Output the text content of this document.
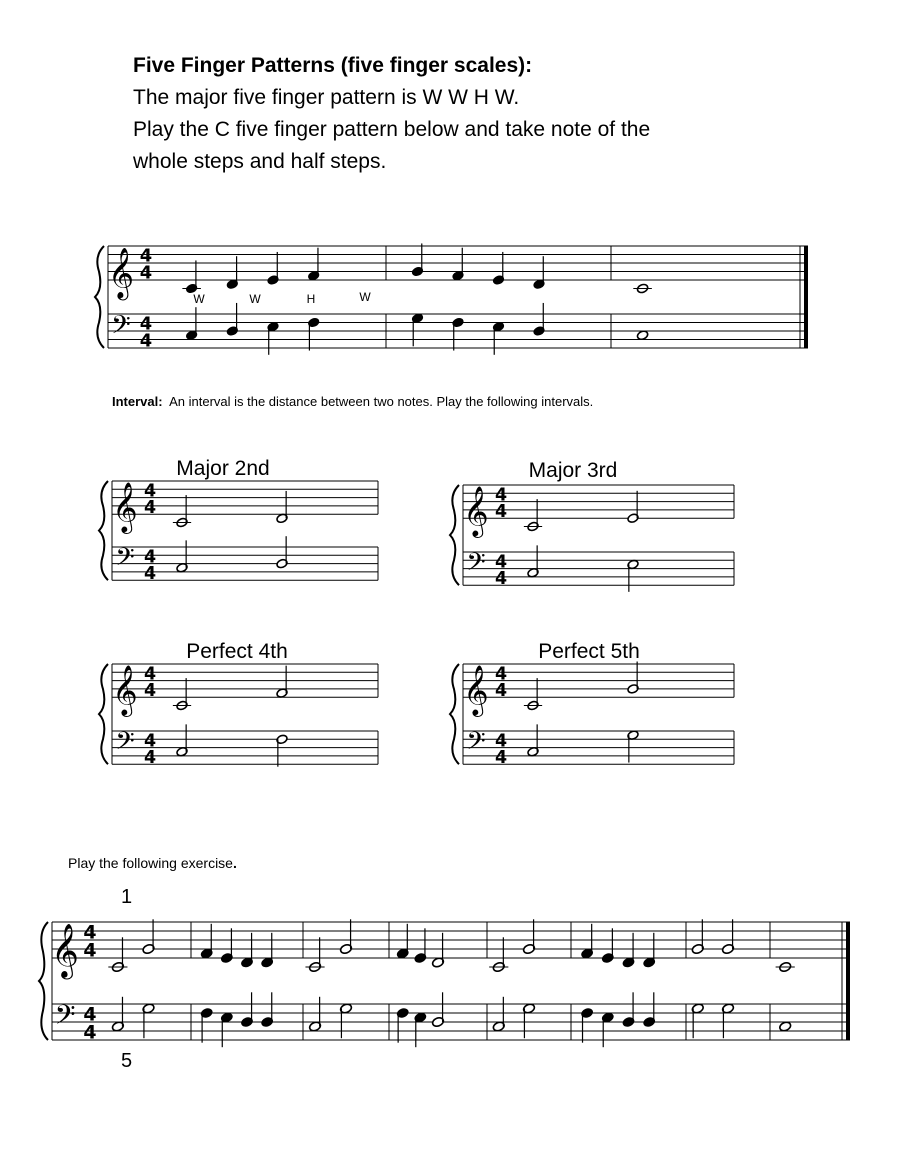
Five Finger Patterns (five finger scales):
The major five finger pattern is W W H W.
Play the C five finger pattern below and take note of the
whole steps and half steps.
Interval: An interval is the distance between two notes. Play the following intervals.
Major 2nd	Major 3rd
Perfect 4th	Perfect 5th
Play the following exercise.
1
5
W	W	H	W
𝄞
𝄢
4
4
4
4
𝄞
𝄢
4
4
4
4
𝄞
𝄢
4
4
4
4
𝄞
𝄢
4
4
4
4
𝄞
𝄢
4
4
4
4
𝄞
𝄢
4
4
4
4
